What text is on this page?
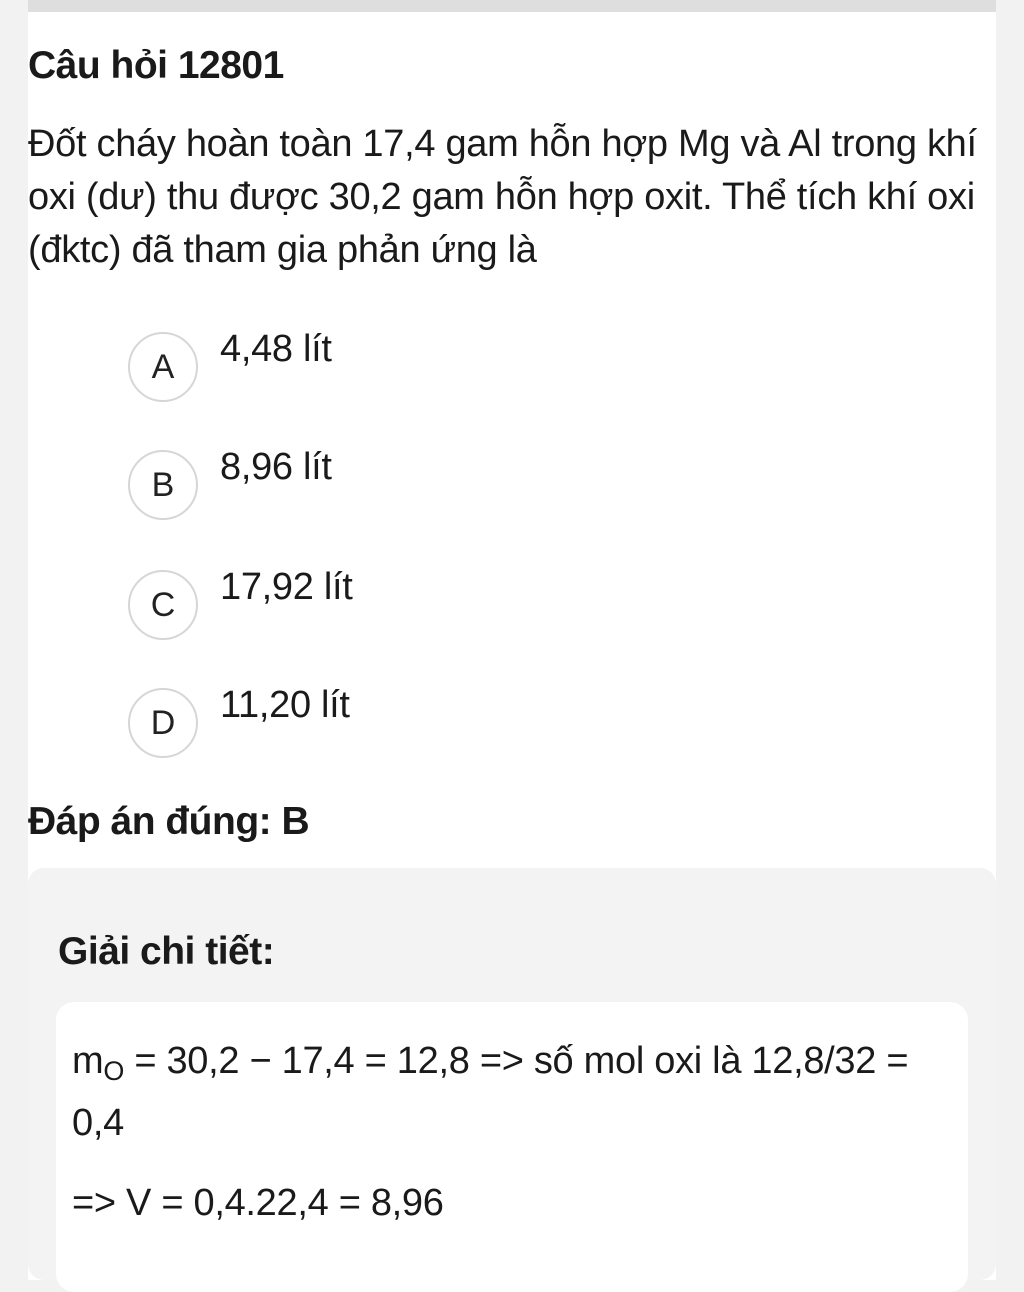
Câu hỏi 12801
Đốt cháy hoàn toàn 17,4 gam hỗn hợp Mg và Al trong khí oxi (dư) thu được 30,2 gam hỗn hợp oxit. Thể tích khí oxi (đktc) đã tham gia phản ứng là
A	4,48 lít
B	8,96 lít
C	17,92 lít
D	11,20 lít
Đáp án đúng: B
Giải chi tiết:
$m_O = 30,2 - 17,4 = 12,8$ => số mol oxi là 12,8/32 =
0,4
=> V = 0,4.22,4 = 8,96
